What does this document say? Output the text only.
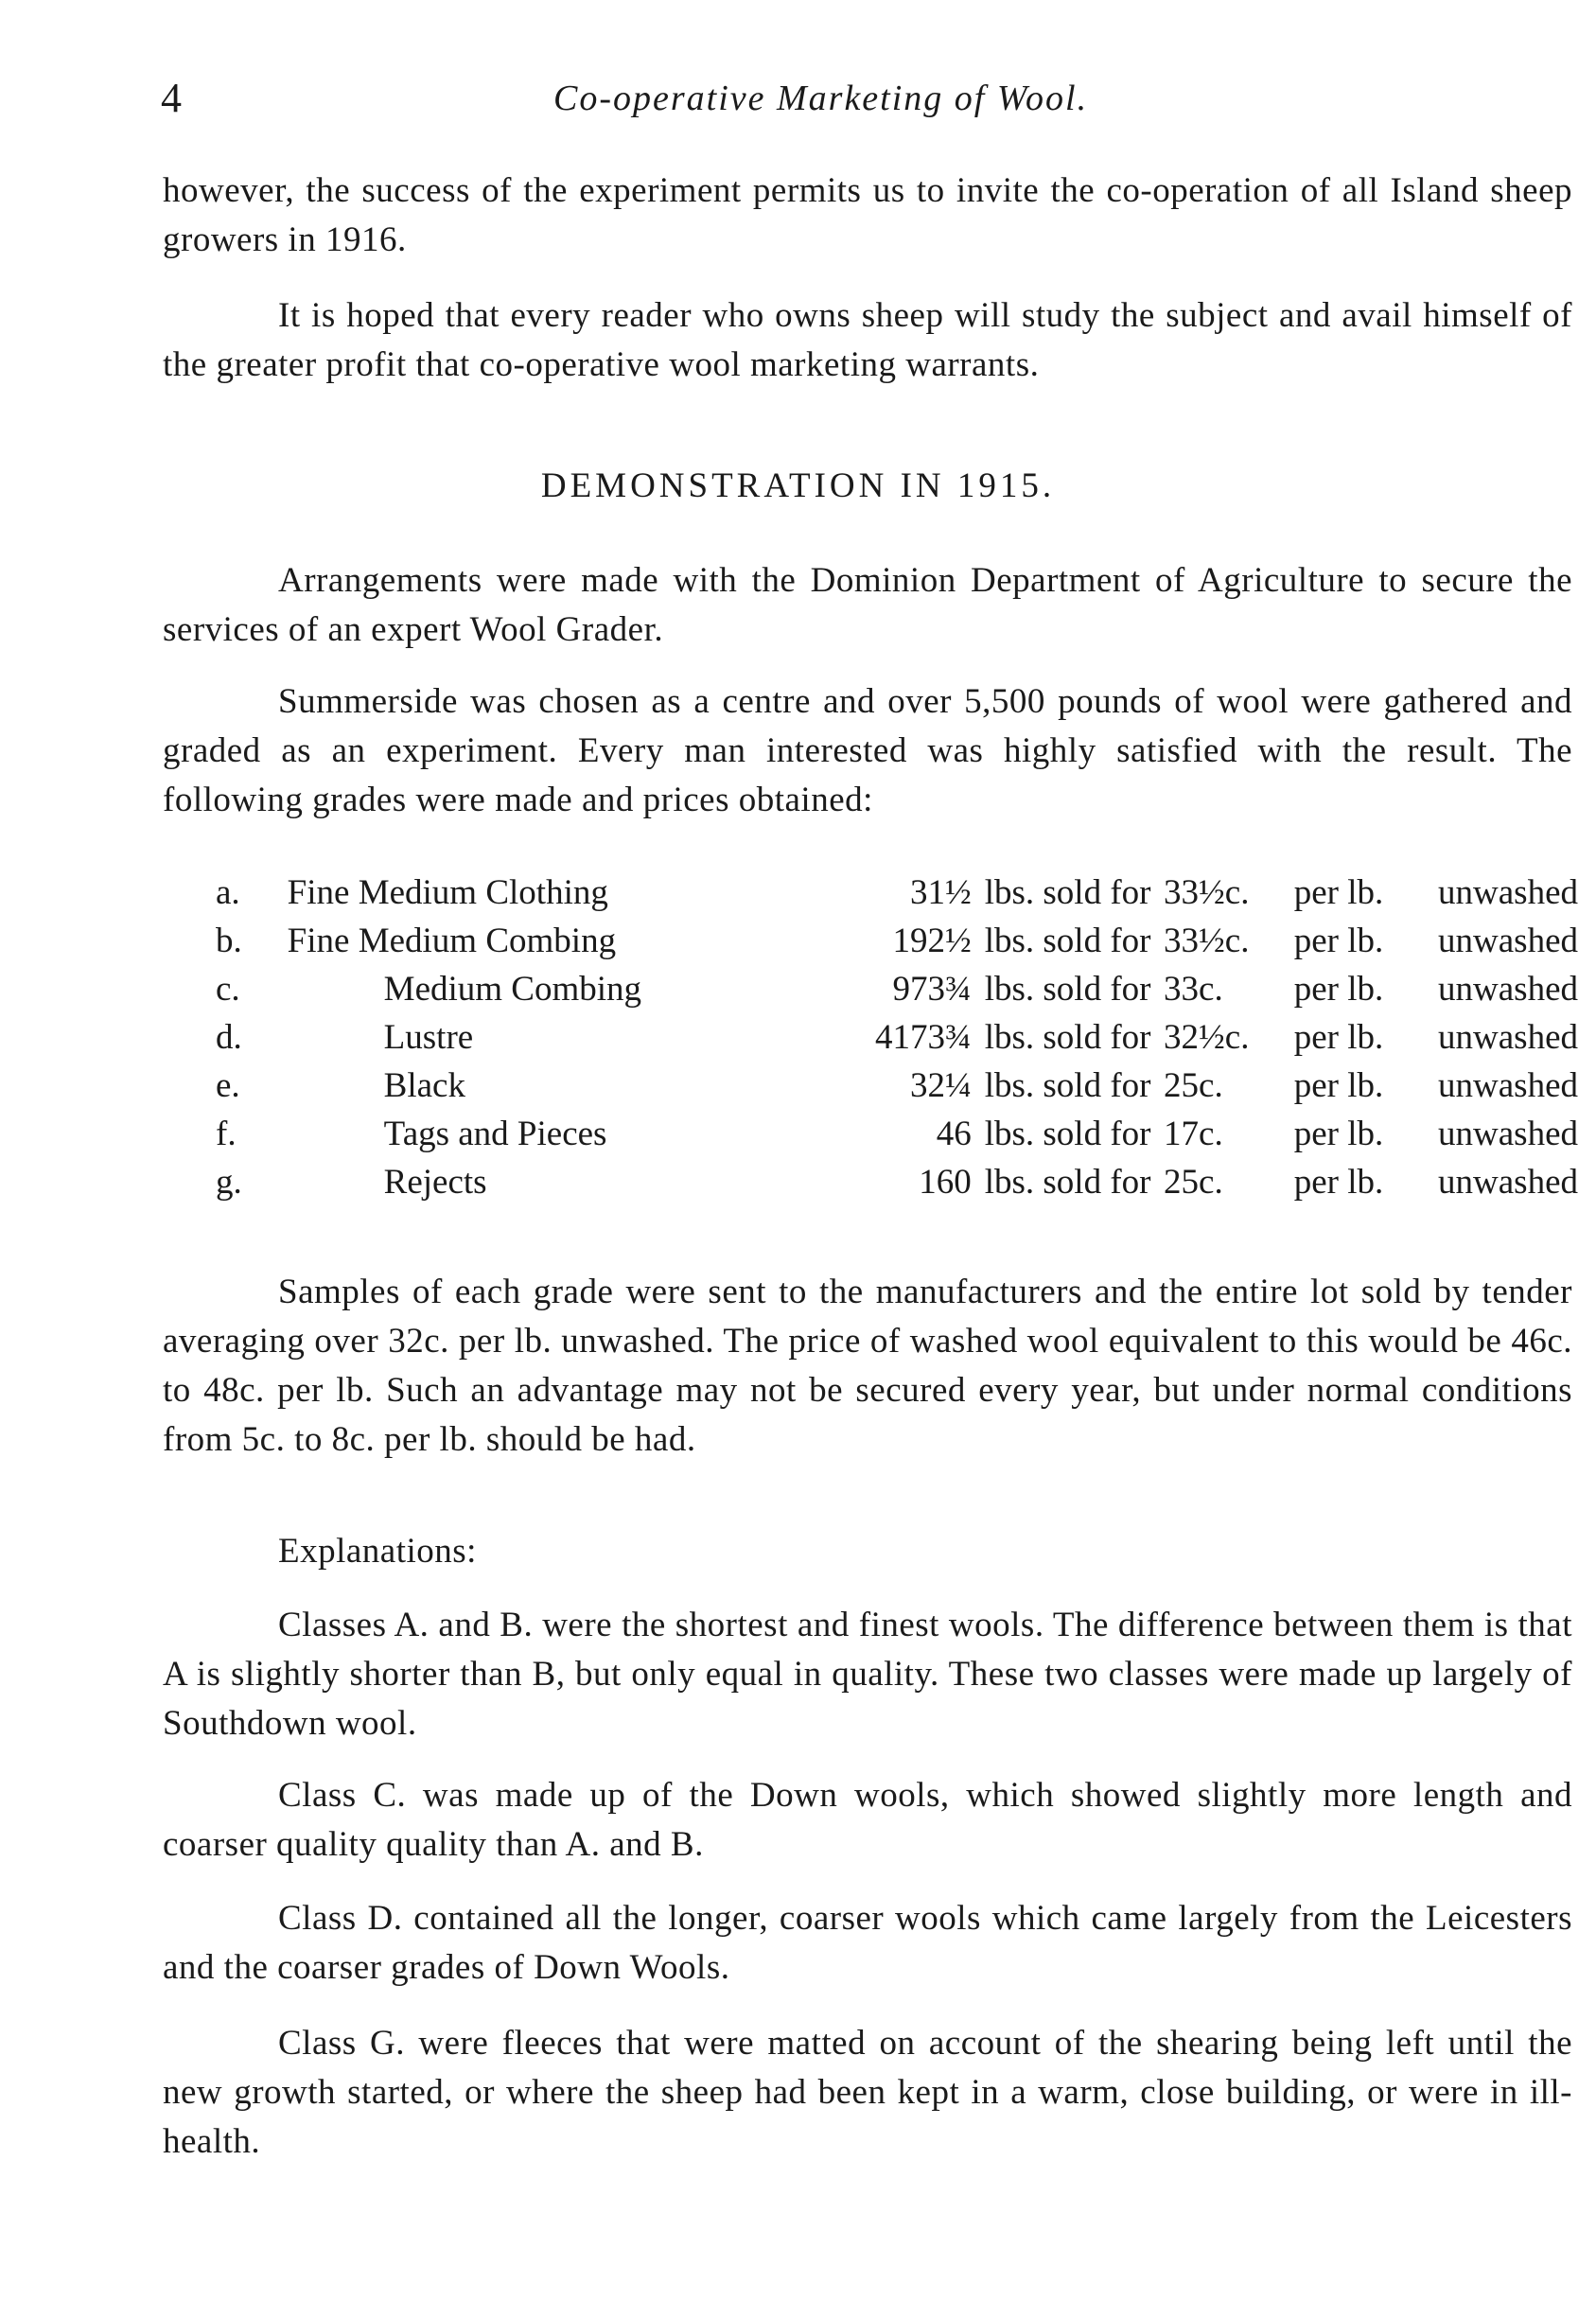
4	Co-operative Marketing of Wool.

however, the success of the experiment permits us to invite the co-operation of all Island sheep growers in 1916.

It is hoped that every reader who owns sheep will study the subject and avail himself of the greater profit that co-operative wool marketing warrants.

DEMONSTRATION IN 1915.

Arrangements were made with the Dominion Department of Agriculture to secure the services of an expert Wool Grader.

Summerside was chosen as a centre and over 5,500 pounds of wool were gathered and graded as an experiment. Every man interested was highly satisfied with the result. The following grades were made and prices obtained:

a.	Fine Medium Clothing	31½	lbs. sold for	33½c.	per lb.	unwashed
b.	Fine Medium Combing	192½	lbs. sold for	33½c.	per lb.	unwashed
c.	Medium Combing	973¾	lbs. sold for	33c.	per lb.	unwashed
d.	Lustre	4173¾	lbs. sold for	32½c.	per lb.	unwashed
e.	Black	32¼	lbs. sold for	25c.	per lb.	unwashed
f.	Tags and Pieces	46	lbs. sold for	17c.	per lb.	unwashed
g.	Rejects	160	lbs. sold for	25c.	per lb.	unwashed

Samples of each grade were sent to the manufacturers and the entire lot sold by tender averaging over 32c. per lb. unwashed. The price of washed wool equivalent to this would be 46c. to 48c. per lb. Such an advantage may not be secured every year, but under normal conditions from 5c. to 8c. per lb. should be had.

Explanations:

Classes A. and B. were the shortest and finest wools. The difference between them is that A is slightly shorter than B, but only equal in quality. These two classes were made up largely of Southdown wool.

Class C. was made up of the Down wools, which showed slightly more length and coarser quality quality than A. and B.

Class D. contained all the longer, coarser wools which came largely from the Leicesters and the coarser grades of Down Wools.

Class G. were fleeces that were matted on account of the shearing being left until the new growth started, or where the sheep had been kept in a warm, close building, or were in ill-health.
